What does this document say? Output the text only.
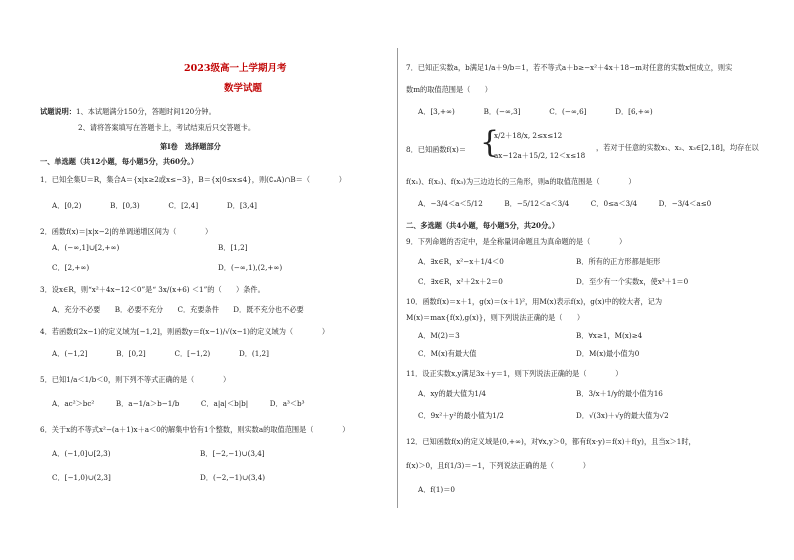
2023级高一上学期月考
数学试题
试题说明：1、本试题满分150分，答题时间120分钟。
2、请将答案填写在答题卡上，考试结束后只交答题卡。
第Ⅰ卷　选择题部分
一、单选题（共12小题，每小题5分，共60分。）
1．已知全集U＝R，集合A＝{x|x≥2或x≤−3}，B＝{x|0≤x≤4}，则(∁ᵤA)∩B＝（　　　　）
A．[0,2)　　　　B．[0,3)　　　　C．[2,4]　　　　D．[3,4]
2．函数f(x)＝|x|x−2|的单调递增区间为（　　　　）
A．(−∞,1]∪[2,+∞)	B．[1,2]
C．[2,+∞)	D．(−∞,1),(2,+∞)
3．设x∈R，则“x²＋4x−12＜0”是“ 3x/(x+6) ＜1”的（　　）条件。
A．充分不必要　　B．必要不充分　　C．充要条件　　D．既不充分也不必要
4．若函数f(2x−1)的定义域为[−1,2]，则函数y＝f(x−1)/√(x−1)的定义域为（　　　　）
A．(−1,2]　　　　B．[0,2]　　　　C．[−1,2)　　　　D．(1,2]
5．已知1/a＜1/b＜0，则下列不等式正确的是（　　　　）
A．ac²＞bc²　　　B．a−1/a＞b−1/b　　　C．a|a|＜b|b|　　　D．a³＜b³
6．关于x的不等式x²−(a＋1)x＋a＜0的解集中恰有1个整数，则实数a的取值范围是（　　　　）
A．(−1,0]∪[2,3)	B．[−2,−1)∪(3,4]
C．[−1,0)∪(2,3]	D．(−2,−1)∪(3,4)
7．已知正实数a，b满足1/a＋9/b＝1，若不等式a＋b≥−x²＋4x＋18−m对任意的实数x恒成立，则实
数m的取值范围是（　　）
A．[3,+∞)　　　　B．(−∞,3]　　　　C．(−∞,6]　　　　D．[6,+∞)
8．已知函数f(x)＝ {
x/2＋18/x, 2≤x≤12
ax−12a＋15/2, 12＜x≤18
，若对于任意的实数x₁、x₂、x₃∈[2,18]，均存在以
f(x₁)、f(x₂)、f(x₃)为三边边长的三角形，则a的取值范围是（　　　　）
A．−3/4＜a＜5/12　　　B．−5/12＜a＜3/4　　　C．0≤a＜3/4　　　D．−3/4＜a≤0
二、多选题（共4小题，每小题5分，共20分。）
9．下列命题的否定中，是全称量词命题且为真命题的是（　　　　）
A．∃x∈R，x²−x＋1/4＜0	B．所有的正方形都是矩形
C．∃x∈R，x²＋2x＋2＝0	D．至少有一个实数x，使x³＋1＝0
10．函数f(x)＝x＋1，g(x)＝(x＋1)²，用M(x)表示f(x)，g(x)中的较大者，记为
M(x)＝max{f(x),g(x)}，则下列说法正确的是（　　）
A．M(2)＝3	B．∀x≥1，M(x)≥4
C．M(x)有最大值	D．M(x)最小值为0
11．设正实数x,y满足3x＋y＝1，则下列说法正确的是（　　　　）
A．xy的最大值为1/4	B．3/x＋1/y的最小值为16
C．9x²＋y²的最小值为1/2	D．√(3x)＋√y的最大值为√2
12．已知函数f(x)的定义域是(0,+∞)，对∀x,y＞0，都有f(x·y)＝f(x)＋f(y)，且当x＞1时，
f(x)＞0，且f(1/3)＝−1，下列说法正确的是（　　　　）
A．f(1)＝0
